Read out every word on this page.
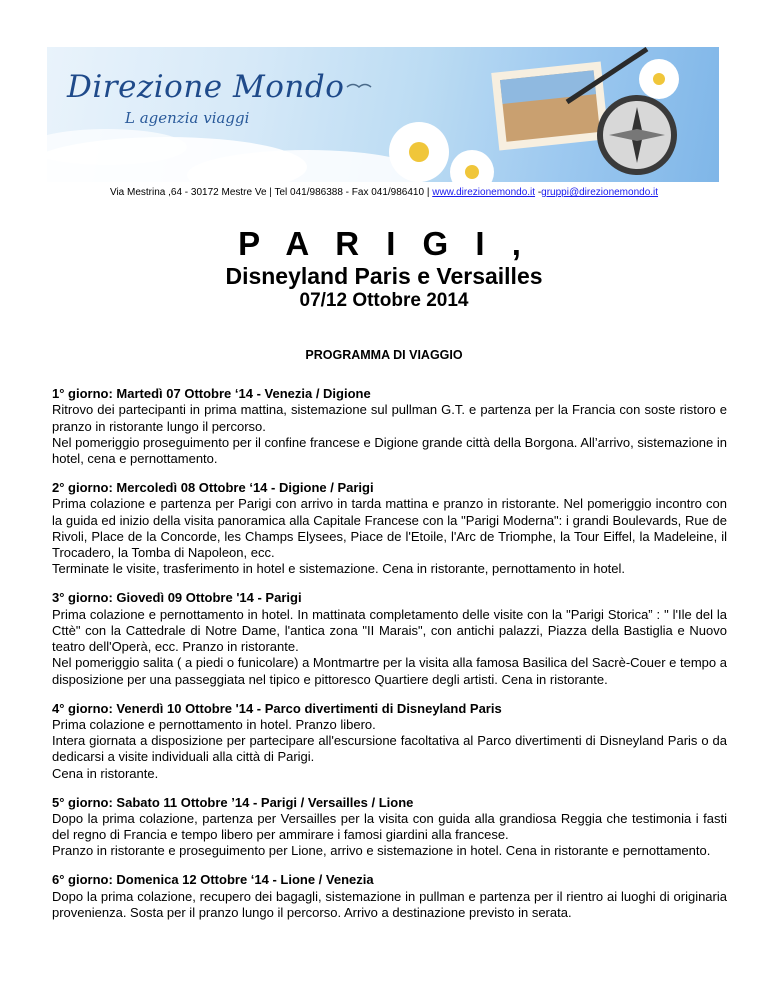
Direzione Mondo
L agenzia viaggi
Via Mestrina ,64 - 30172 Mestre Ve | Tel 041/986388 - Fax 041/986410 | www.direzionemondo.it -gruppi@direzionemondo.it
P A R I G I ,
Disneyland Paris e Versailles
07/12 Ottobre 2014
PROGRAMMA DI VIAGGIO
1° giorno: Martedì 07 Ottobre ‘14 - Venezia / Digione

Ritrovo dei partecipanti in prima mattina, sistemazione sul pullman G.T. e partenza per la Francia con soste ristoro e pranzo in ristorante lungo il percorso.

Nel pomeriggio proseguimento per il confine francese e Digione grande città della Borgona. All’arrivo, sistemazione in hotel, cena e pernottamento.

2° giorno: Mercoledì 08 Ottobre ‘14 - Digione / Parigi

Prima colazione e partenza per Parigi con arrivo in tarda mattina e pranzo in ristorante. Nel pomeriggio incontro con la guida ed inizio della visita panoramica alla Capitale Francese con la "Parigi Moderna": i grandi Boulevards, Rue de Rivoli, Place de la Concorde, les Champs Elysees, Piace de l'Etoile, l'Arc de Triomphe, la Tour Eiffel, la Madeleine, il Trocadero, la Tomba di Napoleon, ecc.

Terminate le visite, trasferimento in hotel e sistemazione. Cena in ristorante, pernottamento in hotel.

3° giorno: Giovedì 09 Ottobre '14 - Parigi

Prima colazione e pernottamento in hotel. In mattinata completamento delle visite con la "Parigi Storica” : " l'Ile del la Cttè" con la Cattedrale di Notre Dame, l'antica zona "II Marais", con antichi palazzi, Piazza della Bastiglia e Nuovo teatro dell'Operà, ecc. Pranzo in ristorante.

Nel pomeriggio salita ( a piedi o funicolare) a Montmartre per la visita alla famosa Basilica del Sacrè-Couer e tempo a disposizione per una passeggiata nel tipico e pittoresco Quartiere degli artisti. Cena in ristorante.

4° giorno: Venerdì 10 Ottobre '14 - Parco divertimenti di Disneyland Paris

Prima colazione e pernottamento in hotel. Pranzo libero.

Intera giornata a disposizione per partecipare all'escursione facoltativa al Parco divertimenti di Disneyland Paris o da dedicarsi a visite individuali alla città di Parigi.

Cena in ristorante.

5° giorno: Sabato 11 Ottobre ’14 - Parigi / Versailles / Lione

Dopo la prima colazione, partenza per Versailles per la visita con guida alla grandiosa Reggia che testimonia i fasti del regno di Francia e tempo libero per ammirare i famosi giardini alla francese.

Pranzo in ristorante e proseguimento per Lione, arrivo e sistemazione in hotel. Cena in ristorante e pernottamento.

6° giorno: Domenica 12 Ottobre ‘14 - Lione / Venezia

Dopo la prima colazione, recupero dei bagagli, sistemazione in pullman e partenza per il rientro ai luoghi di originaria provenienza. Sosta per il pranzo lungo il percorso. Arrivo a destinazione previsto in serata.
